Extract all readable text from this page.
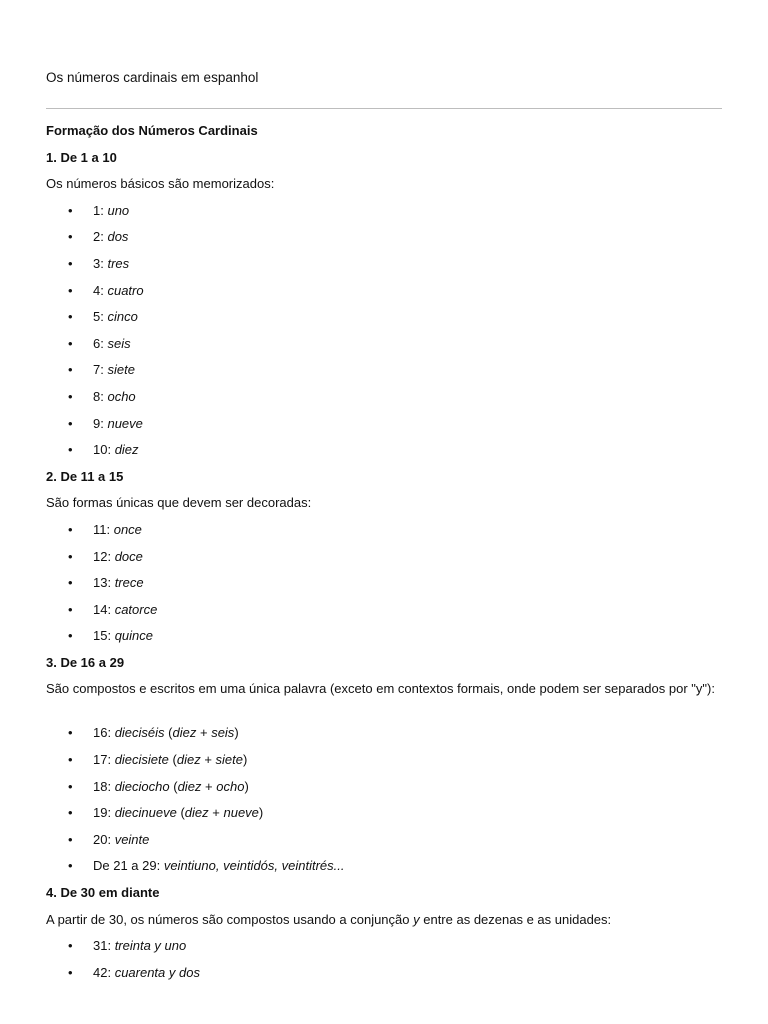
Os números cardinais em espanhol
Formação dos Números Cardinais
1. De 1 a 10
Os números básicos são memorizados:
• 1: uno
• 2: dos
• 3: tres
• 4: cuatro
• 5: cinco
• 6: seis
• 7: siete
• 8: ocho
• 9: nueve
• 10: diez
2. De 11 a 15
São formas únicas que devem ser decoradas:
• 11: once
• 12: doce
• 13: trece
• 14: catorce
• 15: quince
3. De 16 a 29
São compostos e escritos em uma única palavra (exceto em contextos formais, onde podem ser separados por "y"):
• 16: dieciséis (diez + seis)
• 17: diecisiete (diez + siete)
• 18: dieciocho (diez + ocho)
• 19: diecinueve (diez + nueve)
• 20: veinte
• De 21 a 29: veintiuno, veintidós, veintitrés...
4. De 30 em diante
A partir de 30, os números são compostos usando a conjunção y entre as dezenas e as unidades:
• 31: treinta y uno
• 42: cuarenta y dos
